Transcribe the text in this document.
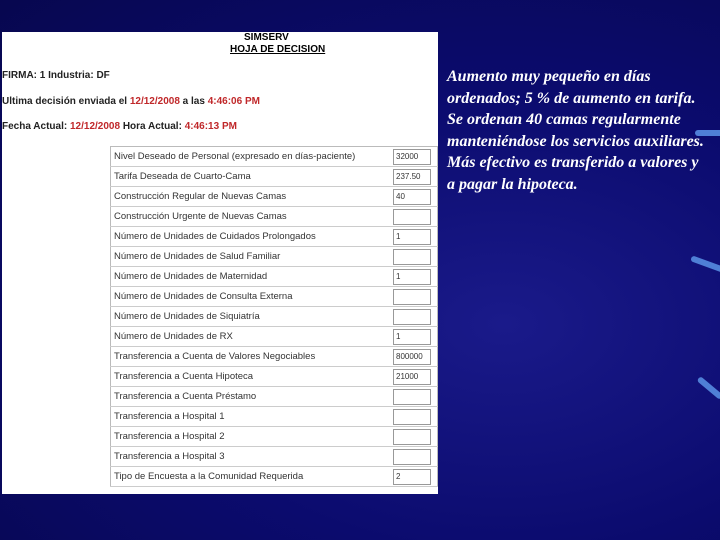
SIMSERV
HOJA DE DECISION
FIRMA: 1 Industria: DF
Ultima decisión enviada el 12/12/2008 a las 4:46:06 PM
Fecha Actual: 12/12/2008 Hora Actual: 4:46:13 PM
Nivel Deseado de Personal (expresado en días-paciente)	32000

Tarifa Deseada de Cuarto-Cama	237.50

Construcción Regular de Nuevas Camas	40

Construcción Urgente de Nuevas Camas	

Número de Unidades de Cuidados Prolongados	1

Número de Unidades de Salud Familiar	

Número de Unidades de Maternidad	1

Número de Unidades de Consulta Externa	

Número de Unidades de Siquiatría	

Número de Unidades de RX	1

Transferencia a Cuenta de Valores Negociables	800000

Transferencia a Cuenta Hipoteca	21000

Transferencia a Cuenta Préstamo	

Transferencia a Hospital 1	

Transferencia a Hospital 2	

Transferencia a Hospital 3	

Tipo de Encuesta a la Comunidad Requerida	2
Aumento muy pequeño en días ordenados; 5 % de aumento en tarifa. Se ordenan 40 camas regularmente manteniéndose los servicios auxiliares. Más efectivo es transferido a valores y a pagar la hipoteca.
